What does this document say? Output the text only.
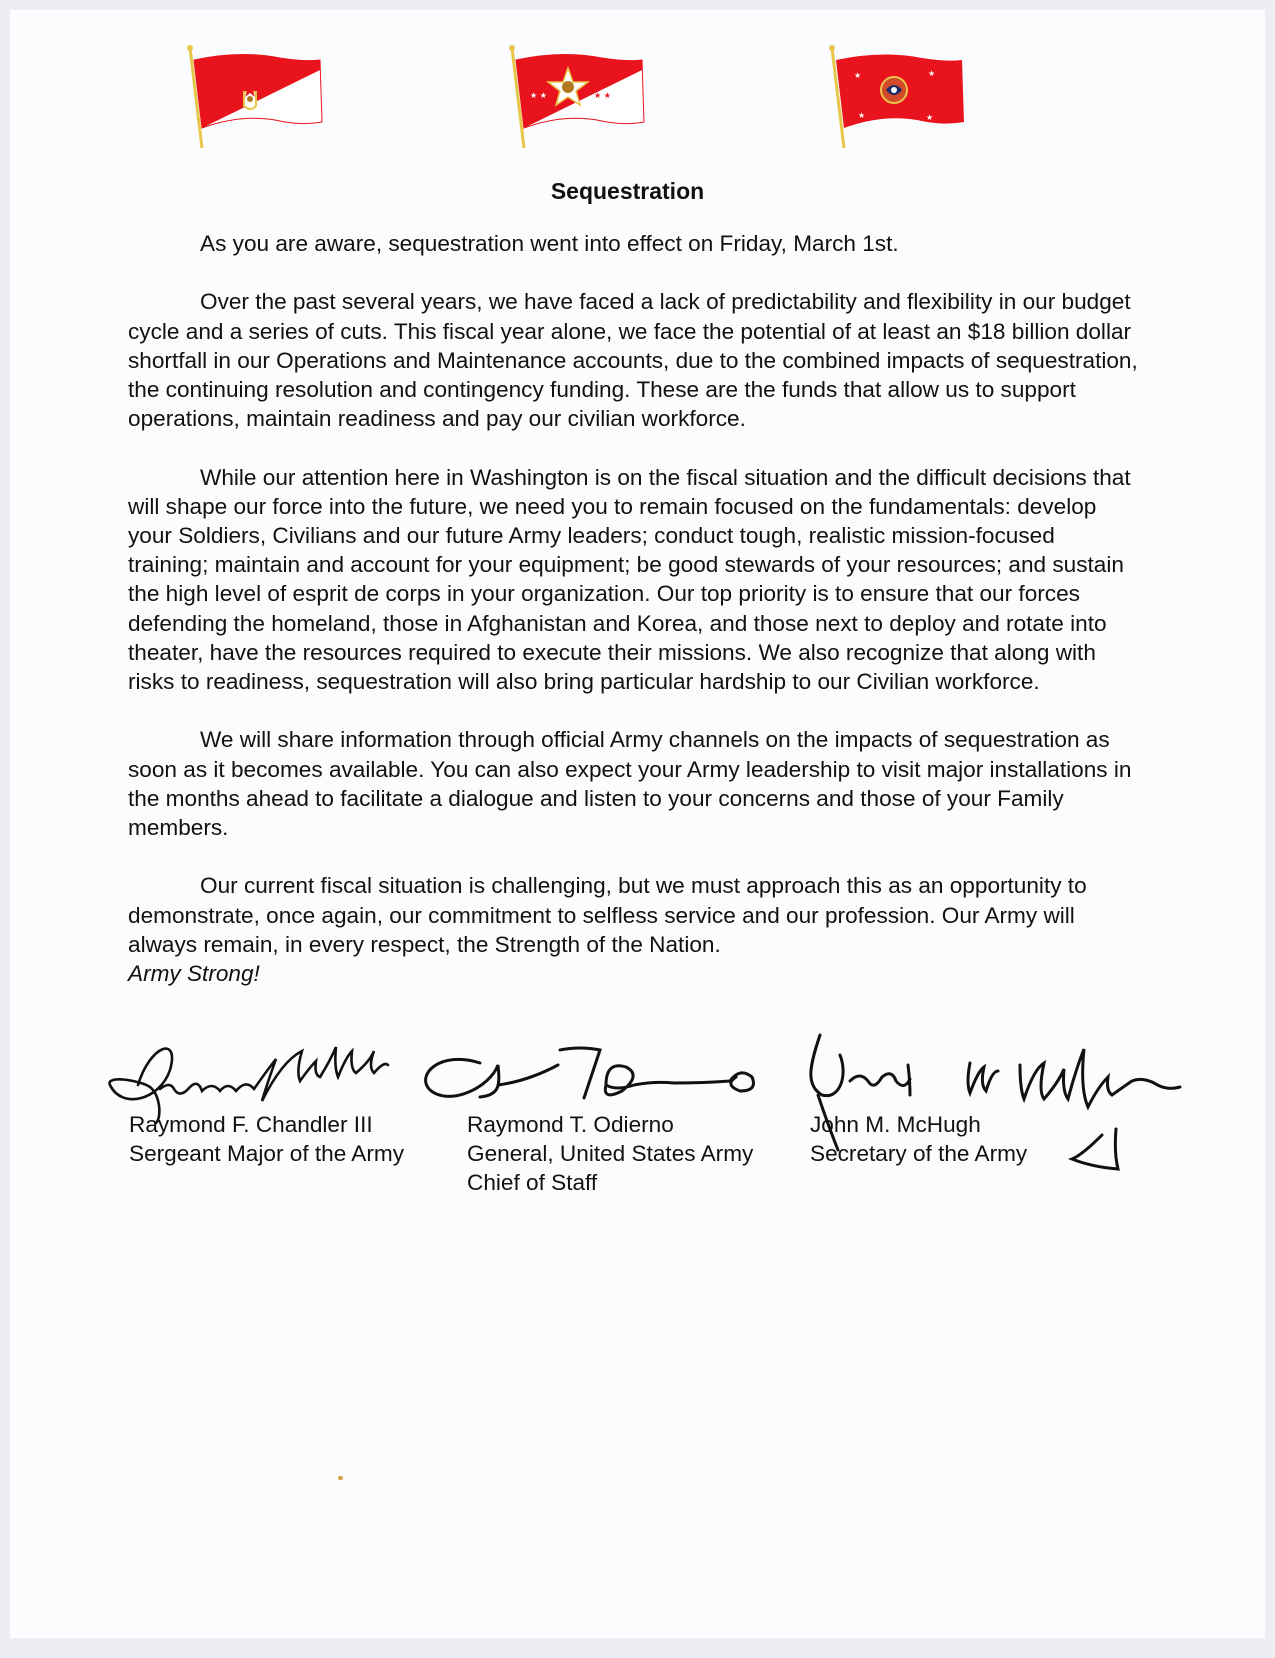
★ ★	★ ★
★	★
★	★
Sequestration

As you are aware, sequestration went into effect on Friday, March 1st.

Over the past several years, we have faced a lack of predictability and flexibility in our budget cycle and a series of cuts. This fiscal year alone, we face the potential of at least an $18 billion dollar shortfall in our Operations and Maintenance accounts, due to the combined impacts of sequestration, the continuing resolution and contingency funding. These are the funds that allow us to support operations, maintain readiness and pay our civilian workforce.

While our attention here in Washington is on the fiscal situation and the difficult decisions that will shape our force into the future, we need you to remain focused on the fundamentals: develop your Soldiers, Civilians and our future Army leaders; conduct tough, realistic mission-focused training; maintain and account for your equipment; be good stewards of your resources; and sustain the high level of esprit de corps in your organization. Our top priority is to ensure that our forces defending the homeland, those in Afghanistan and Korea, and those next to deploy and rotate into theater, have the resources required to execute their missions. We also recognize that along with risks to readiness, sequestration will also bring particular hardship to our Civilian workforce.

We will share information through official Army channels on the impacts of sequestration as soon as it becomes available. You can also expect your Army leadership to visit major installations in the months ahead to facilitate a dialogue and listen to your concerns and those of your Family members.

Our current fiscal situation is challenging, but we must approach this as an opportunity to demonstrate, once again, our commitment to selfless service and our profession. Our Army will always remain, in every respect, the Strength of the Nation.
Army Strong!

Raymond F. Chandler III
Sergeant Major of the Army
Raymond T. Odierno
General, United States Army
Chief of Staff
John M. McHugh
Secretary of the Army
